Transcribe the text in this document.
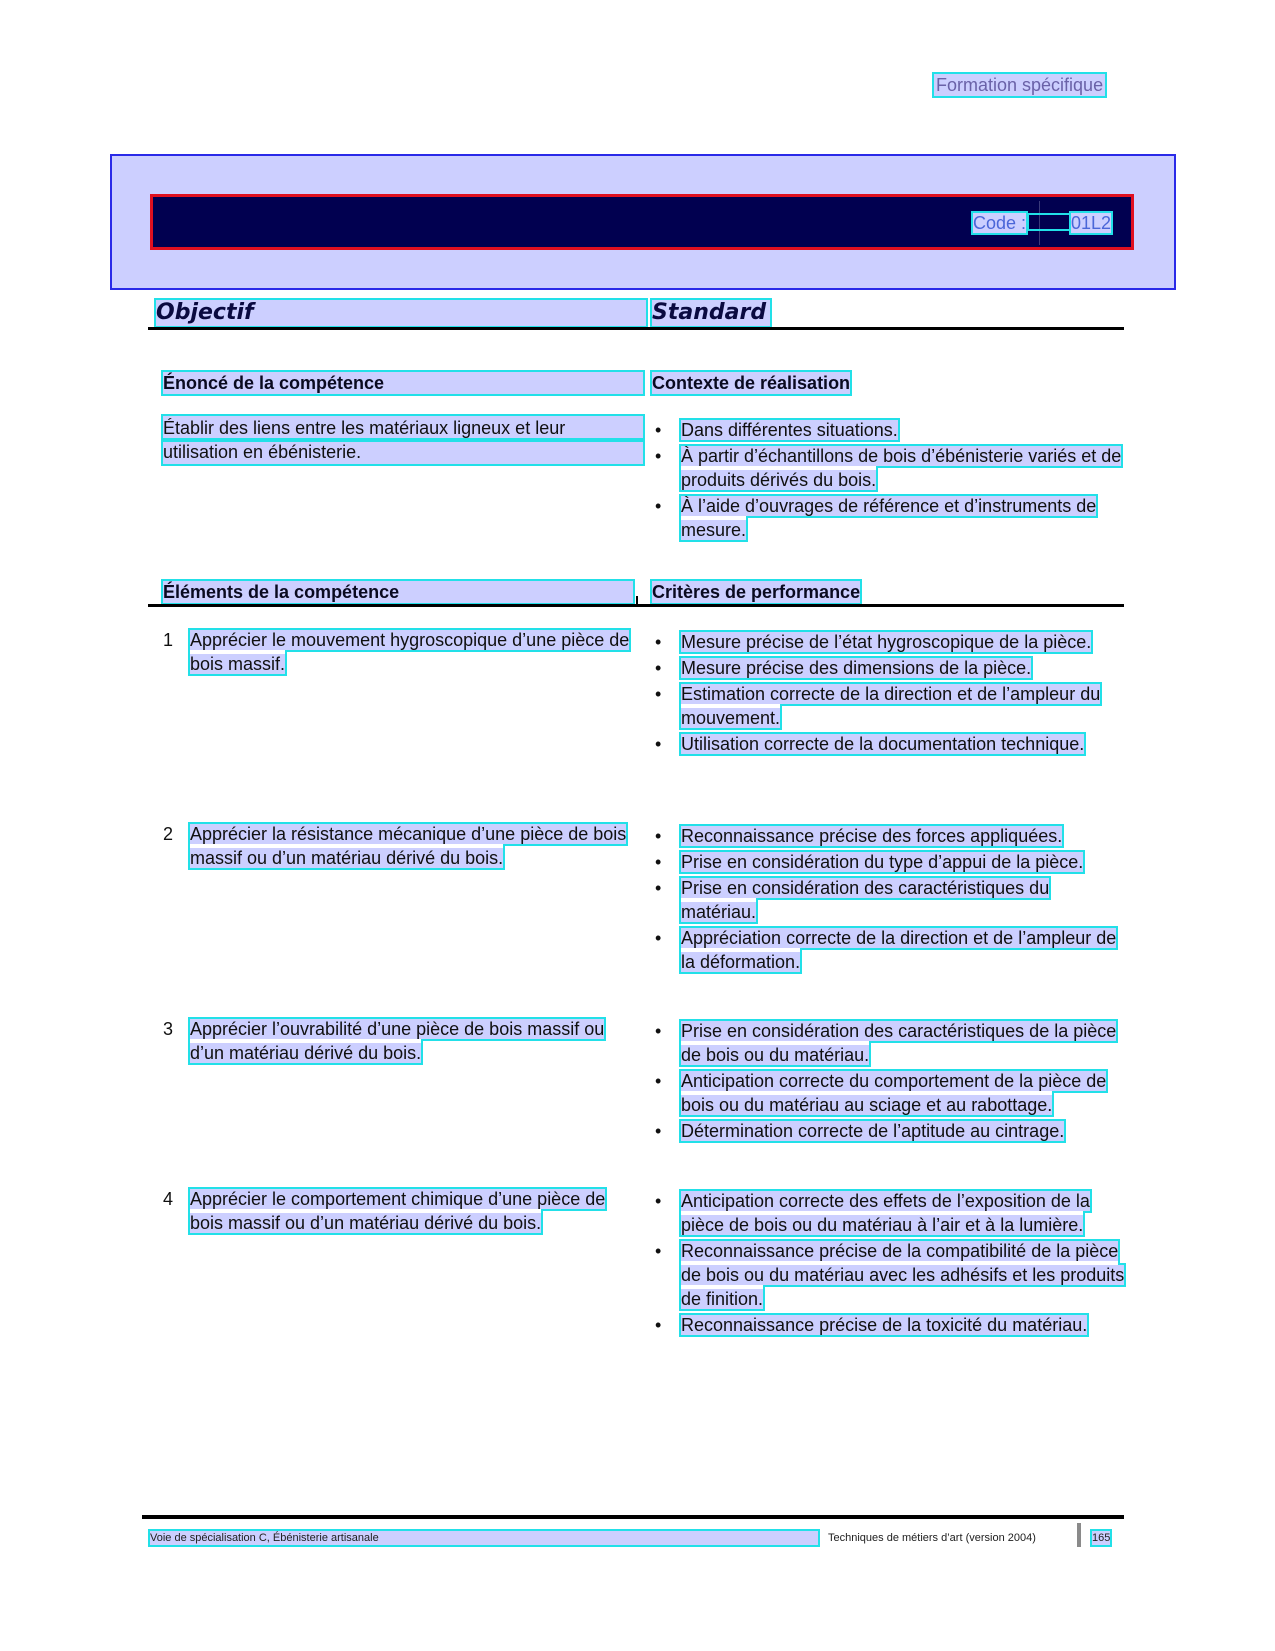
Formation spécifique
Code : 01L2
Objectif	Standard
Énoncé de la compétence	Contexte de réalisation
Établir des liens entre les matériaux ligneux et leur
utilisation en ébénisterie.
• Dans différentes situations.
• À partir d’échantillons de bois d’ébénisterie variés et de produits dérivés du bois.
• À l’aide d’ouvrages de référence et d’instruments de mesure.
Éléments de la compétence	Critères de performance
1 Apprécier le mouvement hygroscopique d’une pièce de bois massif.
• Mesure précise de l’état hygroscopique de la pièce.
• Mesure précise des dimensions de la pièce.
• Estimation correcte de la direction et de l’ampleur du mouvement.
• Utilisation correcte de la documentation technique.
2 Apprécier la résistance mécanique d’une pièce de bois massif ou d’un matériau dérivé du bois.
• Reconnaissance précise des forces appliquées.
• Prise en considération du type d’appui de la pièce.
• Prise en considération des caractéristiques du matériau.
• Appréciation correcte de la direction et de l’ampleur de la déformation.
3 Apprécier l’ouvrabilité d’une pièce de bois massif ou d’un matériau dérivé du bois.
• Prise en considération des caractéristiques de la pièce de bois ou du matériau.
• Anticipation correcte du comportement de la pièce de bois ou du matériau au sciage et au rabottage.
• Détermination correcte de l’aptitude au cintrage.
4 Apprécier le comportement chimique d’une pièce de bois massif ou d’un matériau dérivé du bois.
• Anticipation correcte des effets de l’exposition de la pièce de bois ou du matériau à l’air et à la lumière.
• Reconnaissance précise de la compatibilité de la pièce de bois ou du matériau avec les adhésifs et les produits de finition.
• Reconnaissance précise de la toxicité du matériau.
Voie de spécialisation C, Ébénisterie artisanale	Techniques de métiers d’art (version 2004)	165
